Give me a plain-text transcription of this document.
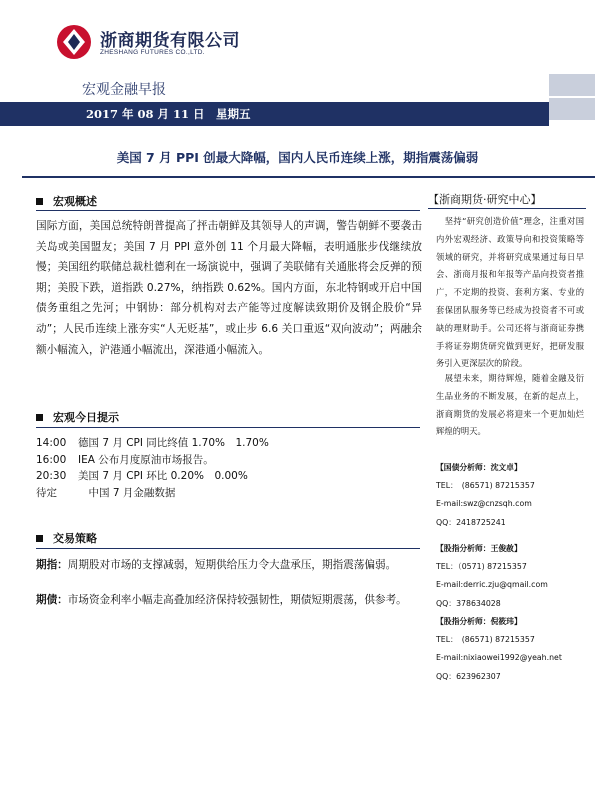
浙商期货有限公司
ZHESHANG FUTURES CO.,LTD.
宏观金融早报
2017 年 08 月 11 日　星期五
美国 7 月 PPI 创最大降幅，国内人民币连续上涨，期指震荡偏弱
宏观概述
国际方面，美国总统特朗普提高了抨击朝鲜及其领导人的声调，警告朝鲜不要袭击关岛或美国盟友；美国 7 月 PPI 意外创 11 个月最大降幅，表明通胀步伐继续放慢；美国纽约联储总裁杜德利在一场演说中，强调了美联储有关通胀将会反弹的预期；美股下跌，道指跌 0.27%，纳指跌 0.62%。国内方面，东北特钢或开启中国债务重组之先河；中钢协：部分机构对去产能等过度解读致期价及钢企股价“异动”；人民币连续上涨夯实“人无贬基”，或止步 6.6 关口重返“双向波动”；两融余额小幅流入，沪港通小幅流出，深港通小幅流入。
宏观今日提示
14:00 德国 7 月 CPI 同比终值 1.70%　1.70%
16:00 IEA 公布月度原油市场报告。
20:30 美国 7 月 CPI 环比 0.20%　0.00%
待定　中国 7 月金融数据
交易策略
期指：周期股对市场的支撑减弱，短期供给压力令大盘承压，期指震荡偏弱。
期债：市场资金利率小幅走高叠加经济保持较强韧性，期债短期震荡，供参考。
【浙商期货·研究中心】
　坚持“研究创造价值”理念，注重对国内外宏观经济、政策导向和投资策略等领域的研究，并将研究成果通过每日早会、浙商月报和年报等产品向投资者推广，不定期的投资、套利方案、专业的套保团队服务等已经成为投资者不可或缺的理财助手。公司还将与浙商证券携手将证券期货研究做到更好，把研发服务引入更深层次的阶段。
　展望未来，期待辉煌，随着金融及衍生品业务的不断发展，在新的起点上，浙商期货的发展必将迎来一个更加灿烂辉煌的明天。
【国债分析师：沈文卓】
TEL：　(86571) 87215357
E-mail:swz@cnzsqh.com
QQ：2418725241
【股指分析师：王俊赦】
TEL：（0571) 87215357
E-mail:derric.zju@qmail.com
QQ：378634028
【股指分析师：倪筱玮】
TEL：　(86571) 87215357
E-mail:nixiaowei1992@yeah.net
QQ：623962307
